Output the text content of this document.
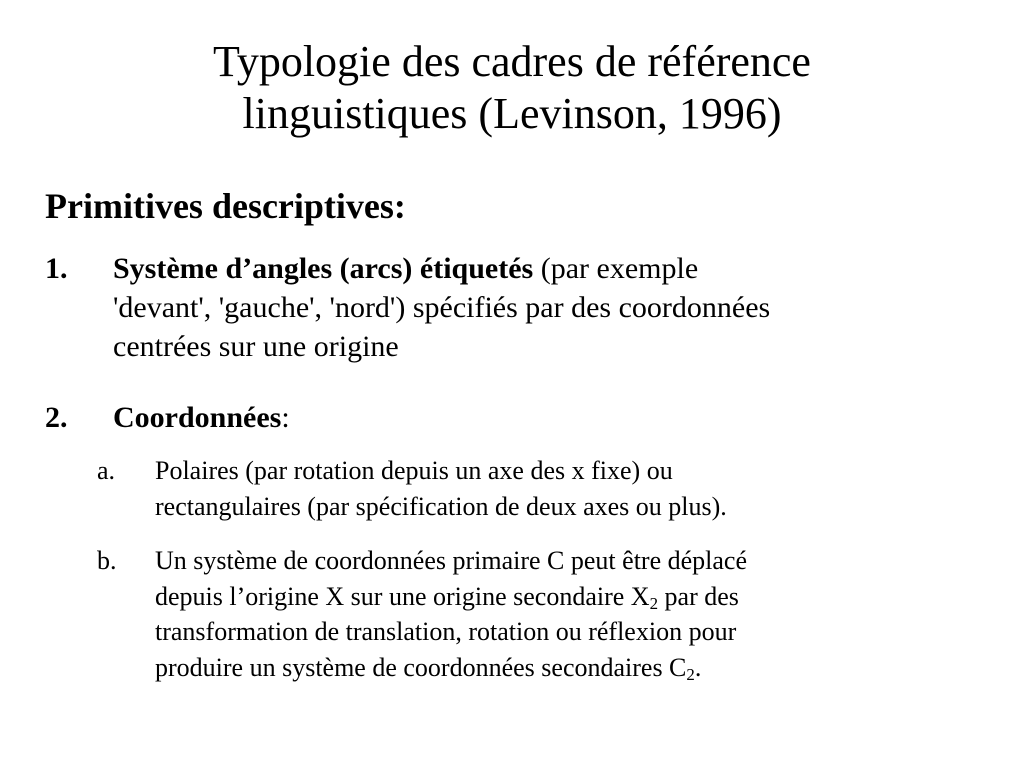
Typologie des cadres de référence
linguistiques (Levinson, 1996)
Primitives descriptives:
1. Système d’angles (arcs) étiquetés (par exemple
'devant', 'gauche', 'nord') spécifiés par des coordonnées
centrées sur une origine
2. Coordonnées:
a. Polaires (par rotation depuis un axe des x fixe) ou
rectangulaires (par spécification de deux axes ou plus).
b. Un système de coordonnées primaire C peut être déplacé
depuis l’origine X sur une origine secondaire $X_2$ par des
transformation de translation, rotation ou réflexion pour
produire un système de coordonnées secondaires $C_2$.
